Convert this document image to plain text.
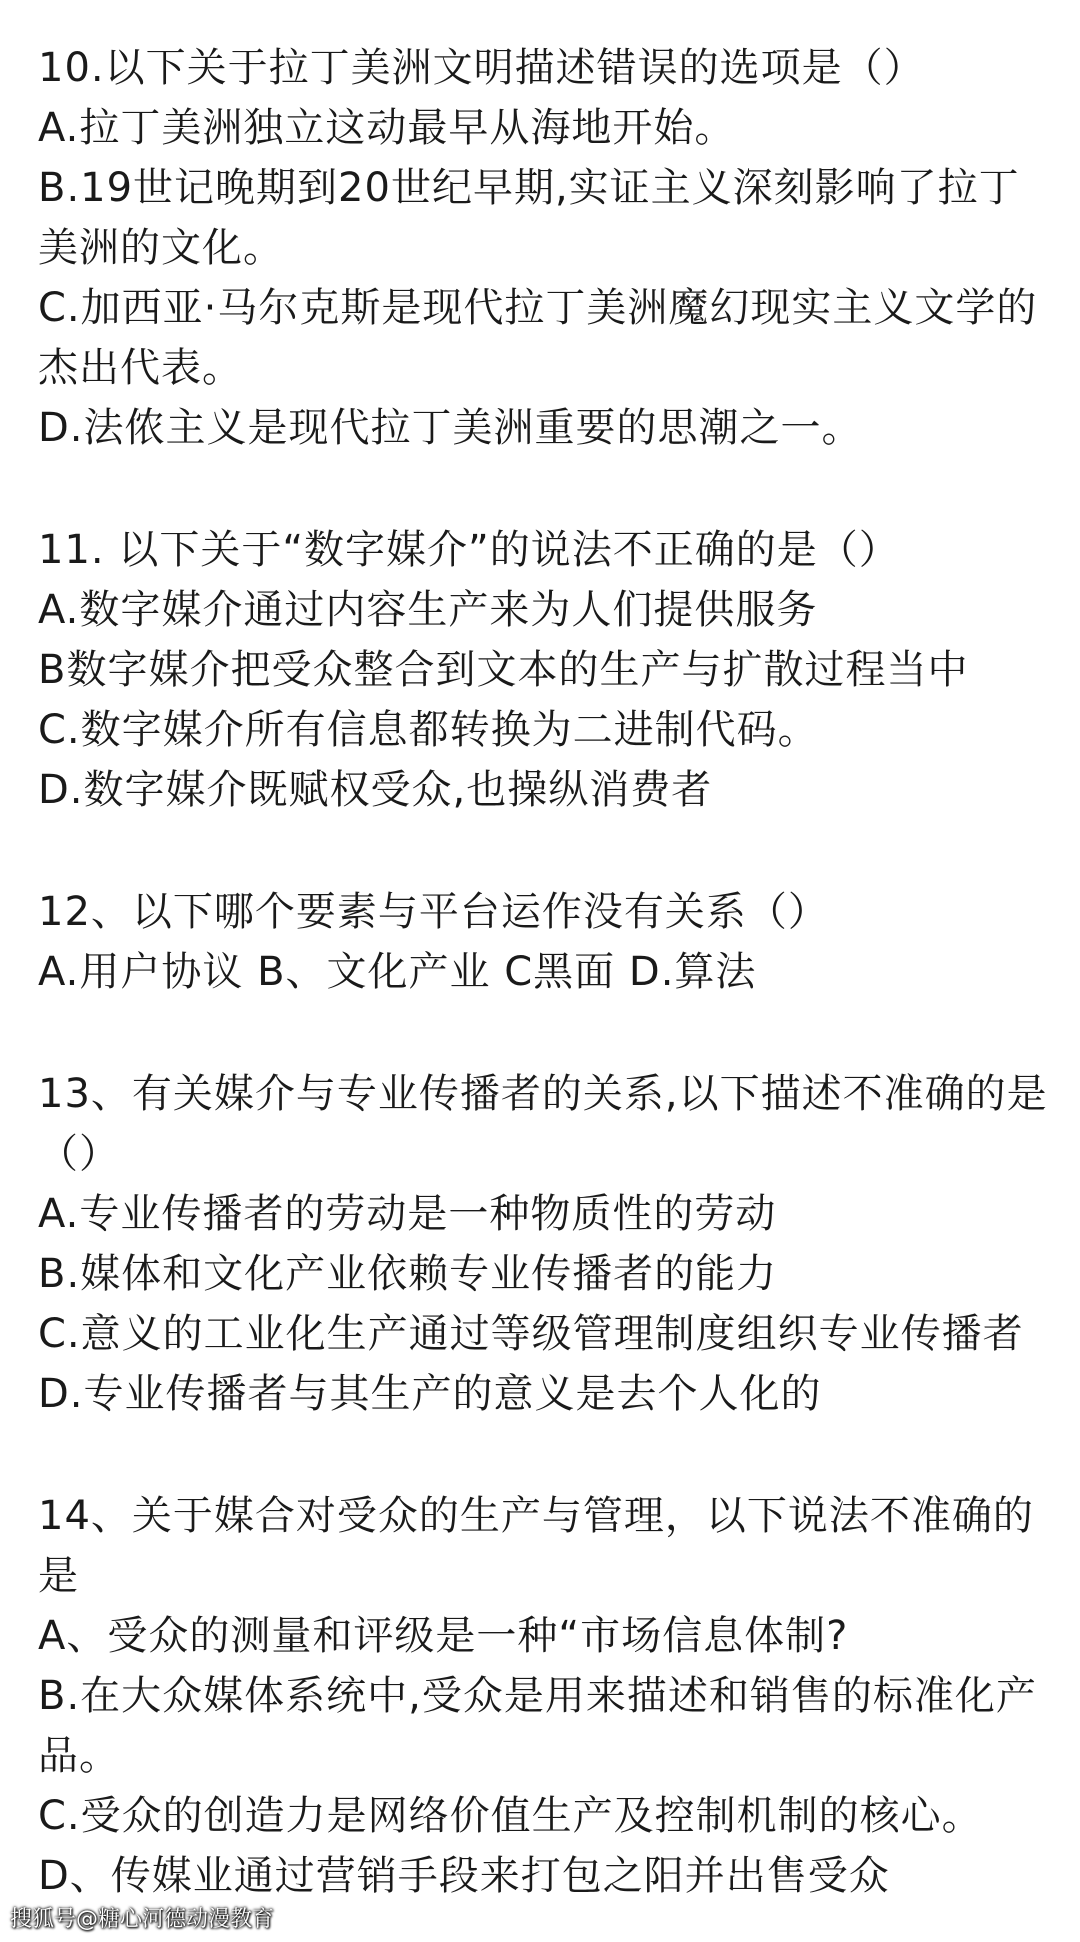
10.以下关于拉丁美洲文明描述错误的选项是（）

A.拉丁美洲独立这动最早从海地开始。

B.19世记晚期到20世纪早期,实证主义深刻影响了拉丁美洲的文化。

C.加西亚·马尔克斯是现代拉丁美洲魔幻现实主义文学的杰出代表。

D.法侬主义是现代拉丁美洲重要的思潮之一。

11. 以下关于“数字媒介”的说法不正确的是（）

A.数字媒介通过内容生产来为人们提供服务

B数字媒介把受众整合到文本的生产与扩散过程当中

C.数字媒介所有信息都转换为二进制代码。

D.数字媒介既赋权受众,也操纵消费者

12、以下哪个要素与平台运作没有关系（）

A.用户协议 B、文化产业 C黑面 D.算法

13、有关媒介与专业传播者的关系,以下描述不准确的是（）

A.专业传播者的劳动是一种物质性的劳动

B.媒体和文化产业依赖专业传播者的能力

C.意义的工业化生产通过等级管理制度组织专业传播者

D.专业传播者与其生产的意义是去个人化的

14、关于媒合对受众的生产与管理，以下说法不准确的是

A、受众的测量和评级是一种“市场信息体制?

B.在大众媒体系统中,受众是用来描述和销售的标准化产品。

C.受众的创造力是网络价值生产及控制机制的核心。

D、传媒业通过营销手段来打包之阳并出售受众

搜狐号@糖心河德动漫教育
